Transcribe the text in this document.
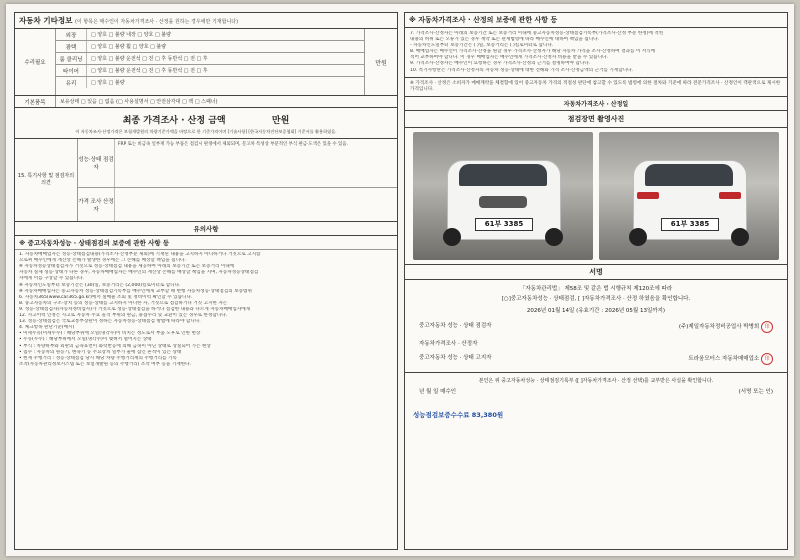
자동차 기타정보 (이 항목은 매수인이 자동차가격조사 · 산정을 원하는 경우에만 기재합니다)
수리필요
외장	□ 양호 □ 불량 내장 □ 양호 □ 불량
광택	□ 양호 □ 불량 휠 □ 양호 □ 불량
룸 클리닝	□ 양호 □ 불량 운전석 □ 전 □ 후 동반석 □ 전 □ 후
타이어	□ 양호 □ 불량 운전석 □ 전 □ 후 동반석 □ 전 □ 후
유리	□ 양호 □ 불량
만원
기본품목	보유상태 □ 있음 □ 없음 (□ 사용설명서 □ 안전삼각대 □ 잭 □ 스패너)
최종 가격조사 · 산정 금액	만원
이 자동차조사·산정가격은 보험개발원의 차량기준가액을 바탕으로 한 기준가격이며 [기술사항] [한국자동차진단보증협회] 기준서를 활용하였음.
15. 특기사항 및 점검자의 의견
성능·상태 점검자
FRP 또는 비금속 일부재 가능 부품은 점검시 판정에서 제외되며, 문고차 특성상 부분적인 부식 판금·도색은 있을 수 있음.
가격 조사 산정자
유의사항
※ 중고자동차성능 · 상태점검의 보증에 관한 사항 등
1. 자동차매매업자는 성능·상태점검내용(가격조사·산정부분 제외)에 기재된 내용을 고지하지 아니하거나 거짓으로 고지함
으로써 매수인에게 재산상 손해가 발생한 경우에는 그 손해를 배상할 책임을 집니다.
※ 자동차성능상태점검자가 거짓으로 성능·상태점검 내용을 제공하여 아래의 보증기간 또는 보증거리 이내에
자동차 실제 성능·상태가 다른 경우, 자동차매매업자는 매수인의 재산상 손해를 배상할 책임을 지며, 자동차성능상태점검
자에게 이를 구상할 수 있습니다.
※ 자동차인도일부터 보증기간은 (30)일, 보증거리는 (2,000)킬로미터로 합니다.
※ 자동차매매업자는 중고자동차 성능·상태점검기록부를 매수인에게 교부할 때 현행 자동차성능·상태점검의 보증범위
6. 자동차365(www.car365.go.kr)에서 실매물 조회 및 정비이력 확인할 수 있습니다.
8. 중고자동차의 구조·장치 등의 성능·상태를 고지하지 아니한 자, 거짓으로 점검하거나 거짓 고지한 자는
9. 성능·상태점검자(자동차정비업자)가 거짓으로 성능·상태점검을 하거나 점검한 내용과 다르게 자동차매매업자에게
12. 사고이력 인정은 사고로 자동차 주요 골격 부위의 판금, 용접수리 및 교환이 있는 경우로 한정합니다.
13. 성능·상태점검은 국토교통부장관이 정하는 자동차성능·상태점검 방법에 따라야 합니다.
4. 체크항목 판단기준(예시)
• 미세누유(미세누수) : 해당부위에 오일(냉각수)이 비치는 정도로서 부품 노후로 인한 현상
• 누유(누수) : 해당부위에서 오일(냉각수)이 맺혀서 떨어지는 상태
• 부식 : 차량하부와 외판의 금속표면이 화학반응에 의해 금속이 아닌 상태로 상실되어 가는 현상
• 침수 : 자동차의 원동기, 변속기 등 주요장치 일부가 물에 잠긴 흔적이 있는 상태
• 현재 주행거리 : 성능·상태점검 당시 해당 차량 주행거리계의 주행거리를 기록
조작(자동차관리정보시스템 또는 보험개발원 등의 주행거리) 조작 여부 등을 기재한다.
※ 자동차가격조사 · 산정의 보증에 관한 사항 등
7. 가격조사·산정자는 아래의 보증기간 또는 보증거리 이내에 중고자동차성능·상태점검기록부(가격조사·산정 부분 한정)에 적힌
내용의 허위 또는 오류가 있는 경우 계약 또는 관계법령에 따라 매수인에 대하여 책임을 집니다.
- 자동차인도일부터 보증기간은 ( )일, 보증거리는 ( )킬로미터로 합니다.
8. 매매업자는 매수인이 가격조사·산정을 원할 경우 가격조사·산정자가 해당 자동차 가격을 조사·산정하여 결과를 이 서식에
적어 교부하여야 합니다. 이 경우 매매업자는 매수인에게 가격조사·산정자 비용을 받을 수 있습니다.
9. 가격조사·산정자는 매수인이 요청하는 경우 가격조사·산정의 근거를 설명하여야 합니다.
10. 특기사항란은 가격조사·산정자의 자동차 성능·상태에 대한 견해와 가격 조사·산정금액의 근거를 기재합니다.
※ 가격조사 · 산정은 소비자가 매매계약을 체결함에 있어 중고자동차 가격의 적절성 판단에 참고할 수 있도록 법령에 의한 절차와 기준에 따라 전문가격조사 · 산정인이 객관적으로 제시한 가격입니다.
자동차가격조사 · 산정일
점검장면 촬영사진
61부 3385	61부 3385
서명
「자동차관리법」 제58조 및 같은 법 시행규칙 제120조에 따라
[○]중고자동차성능 · 상태점검, [ ]자동차가격조사 · 산정 하였음을 확인합니다.
2026년 01월 14일 (유효기간 : 2026년 05월 13일까지)
중고자동차 성능 · 상태 점검자	(주)제일자동차정비공업사 박병희 印
자동차가격조사 · 산정자
중고자동차 성능 · 상태 고지자	트라움모터스 자동차매매업소 印
본인은 위 중고자동차성능 · 상태점검기록부 ([ ]자동차가격조사 · 산정 선택)를 교부받은 사실을 확인합니다.
년 월 일 매수인	(서명 또는 인)
성능점검보증수수료 83,380원
